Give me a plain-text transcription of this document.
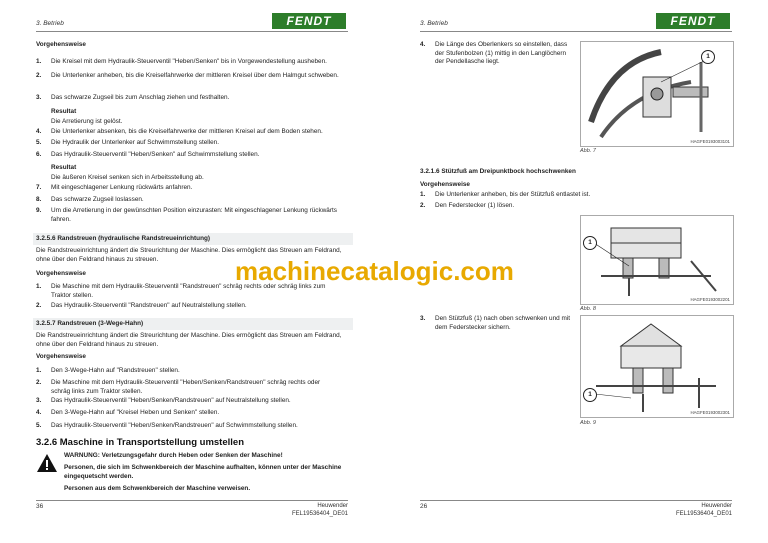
3. Betrieb	FENDT
Vorgehensweise
1. Die Kreisel mit dem Hydraulik-Steuerventil "Heben/Senken" bis in Vorgewendestellung ausheben.
2. Die Unterlenker anheben, bis die Kreiselfahrwerke der mittleren Kreisel über dem Halmgut schweben.
3. Das schwarze Zugseil bis zum Anschlag ziehen und festhalten.
Resultat
Die Arretierung ist gelöst.
4. Die Unterlenker absenken, bis die Kreiselfahrwerke der mittleren Kreisel auf dem Boden stehen.
5. Die Hydraulik der Unterlenker auf Schwimmstellung stellen.
6. Das Hydraulik-Steuerventil "Heben/Senken" auf Schwimmstellung stellen.
Resultat
Die äußeren Kreisel senken sich in Arbeitsstellung ab.
7. Mit eingeschlagener Lenkung rückwärts anfahren.
8. Das schwarze Zugseil loslassen.
9. Um die Arretierung in der gewünschten Position einzurasten: Mit eingeschlagener Lenkung rückwärts fahren.
3.2.5.6 Randstreuen (hydraulische Randstreueinrichtung)
Die Randstreueinrichtung ändert die Streurichtung der Maschine. Dies ermöglicht das Streuen am Feldrand, ohne über den Feldrand hinaus zu streuen.
Vorgehensweise
1. Die Maschine mit dem Hydraulik-Steuerventil "Randstreuen" schräg rechts oder schräg links zum Traktor stellen.
2. Das Hydraulik-Steuerventil "Randstreuen" auf Neutralstellung stellen.
3.2.5.7 Randstreuen (3-Wege-Hahn)
Die Randstreueinrichtung ändert die Streurichtung der Maschine. Dies ermöglicht das Streuen am Feldrand, ohne über den Feldrand hinaus zu streuen.
Vorgehensweise
1. Den 3-Wege-Hahn auf "Randstreuen" stellen.
2. Die Maschine mit dem Hydraulik-Steuerventil "Heben/Senken/Randstreuen" schräg rechts oder schräg links zum Traktor stellen.
3. Das Hydraulik-Steuerventil "Heben/Senken/Randstreuen" auf Neutralstellung stellen.
4. Den 3-Wege-Hahn auf "Kreisel Heben und Senken" stellen.
5. Das Hydraulik-Steuerventil "Heben/Senken/Randstreuen" auf Schwimmstellung stellen.
3.2.6 Maschine in Transportstellung umstellen
WARNUNG: Verletzungsgefahr durch Heben oder Senken der Maschine!
Personen, die sich im Schwenkbereich der Maschine aufhalten, können unter der Maschine eingequetscht werden.
Personen aus dem Schwenkbereich der Maschine verweisen.
36	Heuwender
FEL19536404_DE01
3. Betrieb	FENDT
4. Die Länge des Oberlenkers so einstellen, dass der Stufenbolzen (1) mittig in den Langlöchern der Pendellasche liegt.
1
HAGFE0193003101
Abb. 7
3.2.1.6 Stützfuß am Dreipunktbock hochschwenken
Vorgehensweise
1. Die Unterlenker anheben, bis der Stützfuß entlastet ist.
2. Den Federstecker (1) lösen.
1
HAGFE0193002201
Abb. 8
3. Den Stützfuß (1) nach oben schwenken und mit dem Federstecker sichern.
1
HAGFE0193002301
Abb. 9
26	Heuwender
FEL19536404_DE01
machinecatalogic.com
